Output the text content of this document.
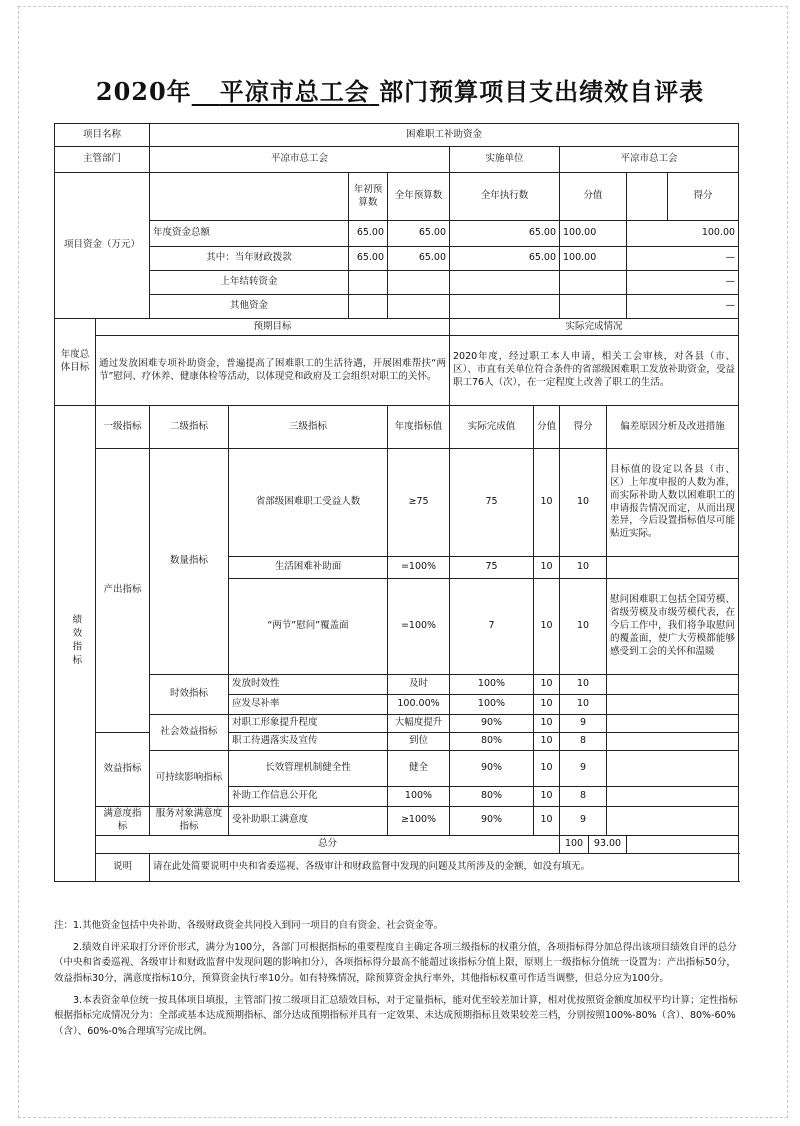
2020年 平凉市总工会 部门预算项目支出绩效自评表
项目名称		困难职工补助资金										
主管部门		平凉市总工会				实施单位		平凉市总工会				
项目资金（万元）				年初预算数	全年预算数	全年执行数		分值				得分
		年度资金总额		65.00	65.00	65.00		100.00			100.00	
		其中：当年财政拨款		65.00	65.00	65.00		100.00			—	
		上年结转资金									—	
		其他资金									—	
年度总体目标	预期目标					实际完成情况						
	通过发放困难专项补助资金，普遍提高了困难职工的生活待遇，开展困难帮扶“两节”慰问、疗休养、健康体检等活动，以体现党和政府及工会组织对职工的关怀。					2020年度，经过职工本人申请，相关工会审核，对各县（市、区）、市直有关单位符合条件的省部级困难职工发放补助资金，受益职工76人（次），在一定程度上改善了职工的生活。						
绩效指标	一级指标	二级指标	三级指标		年度指标值	实际完成值	分值	得分		偏差原因分析及改进措施		
	产出指标	数量指标	省部级困难职工受益人数		≥75	75	10	10		目标值的设定以各县（市、区）上年度申报的人数为准，而实际补助人数以困难职工的申请报告情况而定，从而出现差异，今后设置指标值尽可能贴近实际。		
			生活困难补助面		=100%	75	10	10				
			“两节”慰问”覆盖面		=100%	7	10	10		慰问困难职工包括全国劳模、省级劳模及市级劳模代表，在今后工作中，我们将争取慰问的覆盖面，使广大劳模都能够感受到工会的关怀和温暖		
		时效指标	发放时效性		及时	100%	10	10				
			应发尽补率		100.00%	100%	10	10				
		社会效益指标	对职工形象提升程度		大幅度提升	90%	10	9				
	效益指标		职工待遇落实及宣传		到位	80%	10	8				
		可持续影响指标	长效管理机制健全性		健全	90%	10	9				
			补助工作信息公开化		100%	80%	10	8				
	满意度指标	服务对象满意度指标	受补助职工满意度		≥100%	90%	10	9				
	总分							100	93.00			
	说明	请在此处简要说明中央和省委巡视、各级审计和财政监督中发现的问题及其所涉及的金额，如没有填无。										

注：1.其他资金包括中央补助、各级财政资金共同投入到同一项目的自有资金、社会资金等。

2.绩效自评采取打分评价形式，满分为100分，各部门可根据指标的重要程度自主确定各项三级指标的权重分值，各项指标得分加总得出该项目绩效自评的总分（中央和省委巡视、各级审计和财政监督中发现问题的影响扣分），各项指标得分最高不能超过该指标分值上限，原则上一级指标分值统一设置为：产出指标50分，效益指标30分，满意度指标10分，预算资金执行率10分。如有特殊情况，除预算资金执行率外，其他指标权重可作适当调整，但总分应为100分。

3.本表资金单位统一按具体项目填报，主管部门按二级项目汇总绩效目标，对于定量指标，能对优至较差加计算，相对优按照资金额度加权平均计算；定性指标根据指标完成情况分为：全部或基本达成预期指标、部分达成预期指标并具有一定效果、未达成预期指标且效果较差三档，分别按照100%-80%（含）、80%-60%（含）、60%-0%合理填写完成比例。
